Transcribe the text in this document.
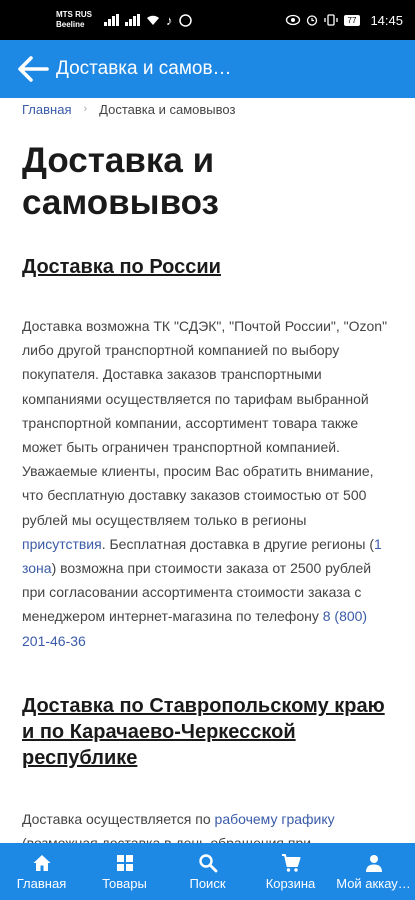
MTS RUS
Beeline	♪	77	14:45
Доставка и самов…
Главная › Доставка и самовывоз
Доставка и самовывоз
Доставка по России

Доставка возможна ТК "СДЭК", "Почтой России", "Ozon" либо другой транспортной компанией по выбору покупателя. Доставка заказов транспортными компаниями осуществляется по тарифам выбранной транспортной компании, ассортимент товара также может быть ограничен транспортной компанией. Уважаемые клиенты, просим Вас обратить внимание, что бесплатную доставку заказов стоимостью от 500 рублей мы осуществляем только в регионы присутствия. Бесплатная доставка в другие регионы (1 зона) возможна при стоимости заказа от 2500 рублей при согласовании ассортимента стоимости заказа с менеджером интернет-магазина по телефону 8 (800) 201-46-36

Доставка по Ставропольскому краю и по Карачаево-Черкесской республике

Доставка осуществляется по рабочему графику

Главная	Товары	Поиск	Корзина Мой аккау…
